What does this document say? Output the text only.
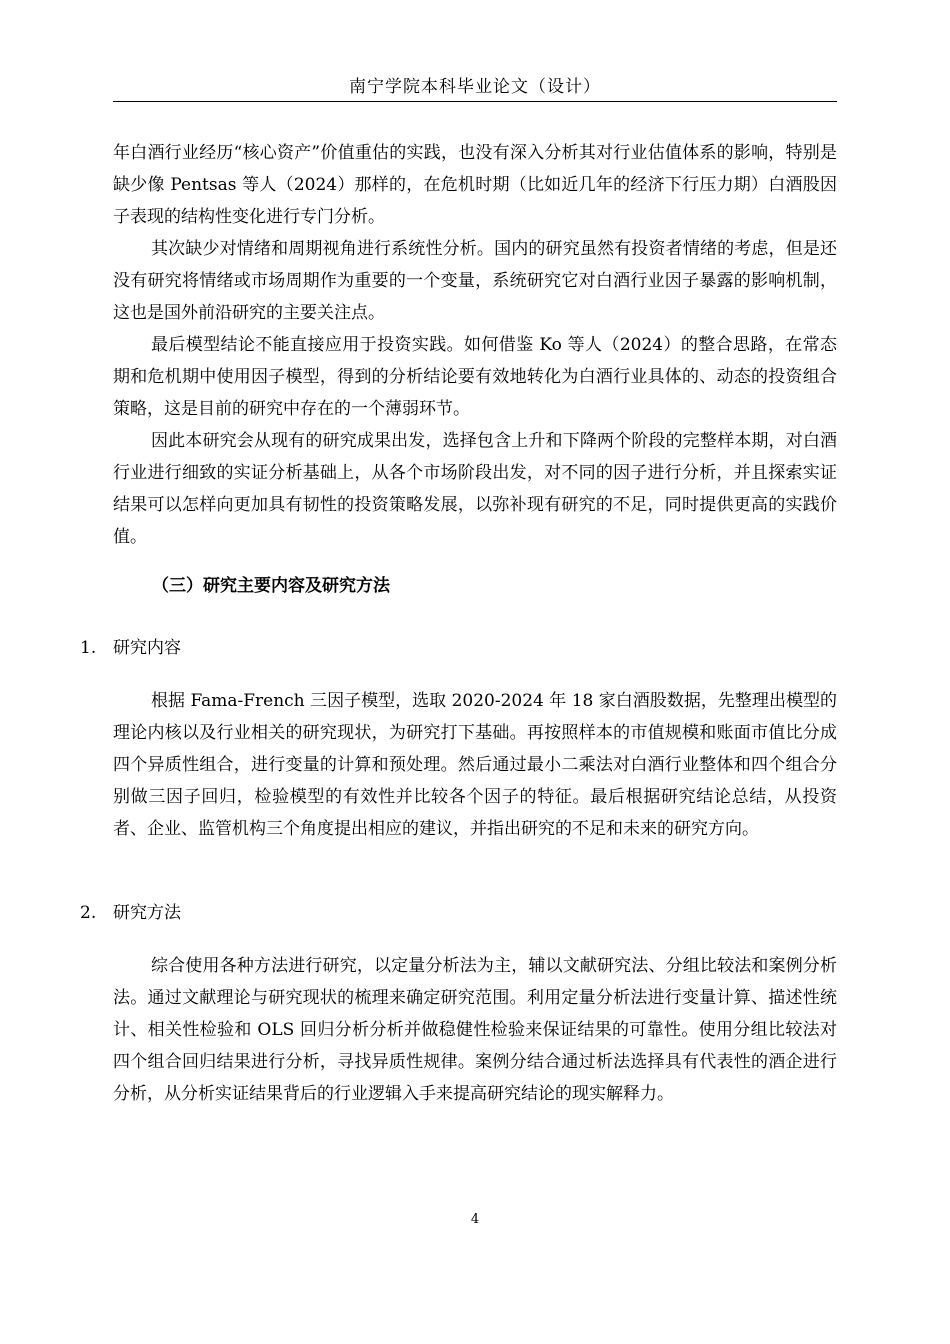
南宁学院本科毕业论文（设计）

年白酒行业经历“核心资产”价值重估的实践，也没有深入分析其对行业估值体系的影响，特别是缺少像 Pentsas 等人（2024）那样的，在危机时期（比如近几年的经济下行压力期）白酒股因子表现的结构性变化进行专门分析。

其次缺少对情绪和周期视角进行系统性分析。国内的研究虽然有投资者情绪的考虑，但是还没有研究将情绪或市场周期作为重要的一个变量，系统研究它对白酒行业因子暴露的影响机制，这也是国外前沿研究的主要关注点。

最后模型结论不能直接应用于投资实践。如何借鉴 Ko 等人（2024）的整合思路，在常态期和危机期中使用因子模型，得到的分析结论要有效地转化为白酒行业具体的、动态的投资组合策略，这是目前的研究中存在的一个薄弱环节。

因此本研究会从现有的研究成果出发，选择包含上升和下降两个阶段的完整样本期，对白酒行业进行细致的实证分析基础上，从各个市场阶段出发，对不同的因子进行分析，并且探索实证结果可以怎样向更加具有韧性的投资策略发展，以弥补现有研究的不足，同时提供更高的实践价值。

（三）研究主要内容及研究方法
1. 研究内容

根据 Fama-French 三因子模型，选取 2020-2024 年 18 家白酒股数据，先整理出模型的理论内核以及行业相关的研究现状，为研究打下基础。再按照样本的市值规模和账面市值比分成四个异质性组合，进行变量的计算和预处理。然后通过最小二乘法对白酒行业整体和四个组合分别做三因子回归，检验模型的有效性并比较各个因子的特征。最后根据研究结论总结，从投资者、企业、监管机构三个角度提出相应的建议，并指出研究的不足和未来的研究方向。

2. 研究方法

综合使用各种方法进行研究，以定量分析法为主，辅以文献研究法、分组比较法和案例分析法。通过文献理论与研究现状的梳理来确定研究范围。利用定量分析法进行变量计算、描述性统计、相关性检验和 OLS 回归分析分析并做稳健性检验来保证结果的可靠性。使用分组比较法对四个组合回归结果进行分析，寻找异质性规律。案例分结合通过析法选择具有代表性的酒企进行分析，从分析实证结果背后的行业逻辑入手来提高研究结论的现实解释力。

4
